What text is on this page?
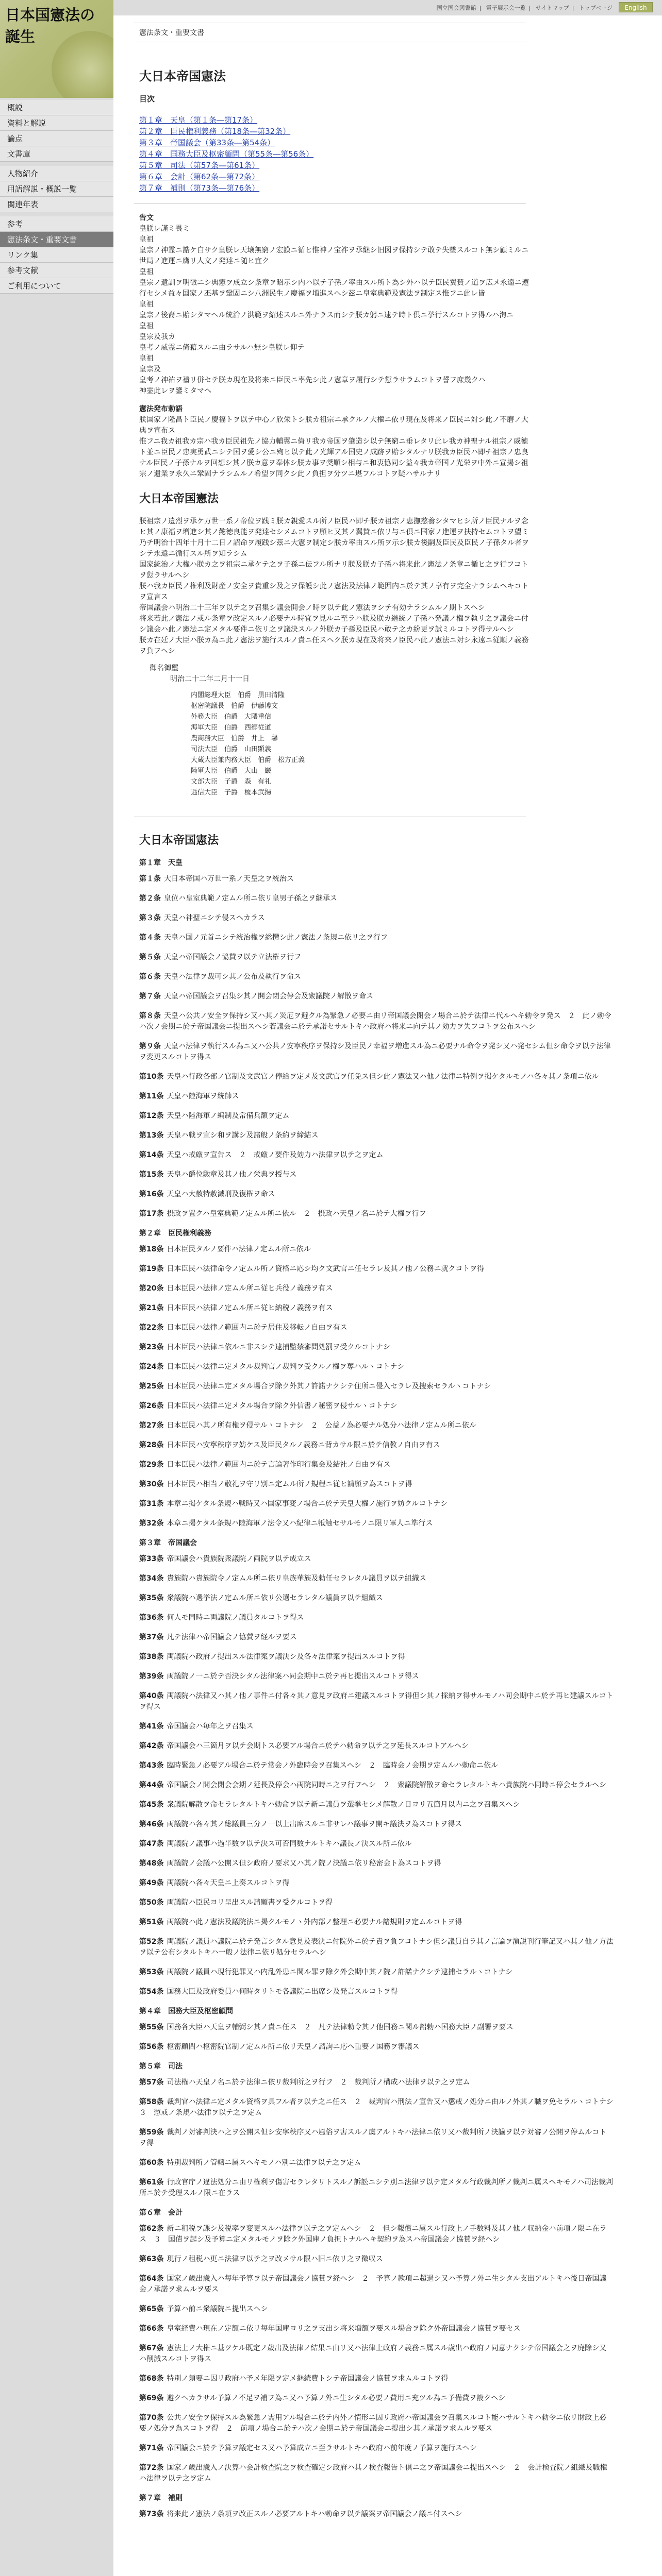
日本国憲法の
誕生
概説
資料と解説
論点
文書庫
人物紹介
用語解説・概説一覧
関連年表
参考
憲法条文・重要文書
リンク集
参考文献
ご利用について
国立国会図書館 | 電子展示会一覧 | サイトマップ | トップページ	English
憲法条文・重要文書
大日本帝国憲法
目次
第１章　天皇（第１条―第17条）
第２章　臣民権利義務（第18条―第32条）
第３章　帝国議会（第33条―第54条）
第４章　国務大臣及枢密顧問（第55条―第56条）
第５章　司法（第57条―第61条）
第６章　会計（第62条―第72条）
第７章　補則（第73条―第76条）

告文

皇朕レ謹ミ畏ミ

皇祖

皇宗ノ神霊ニ誥ケ白サク皇朕レ天壌無窮ノ宏謨ニ循ヒ惟神ノ宝祚ヲ承継シ旧図ヲ保持シテ敢テ失墜スルコト無シ顧ミルニ世局ノ進運ニ膺リ人文ノ発達ニ随ヒ宜ク

皇祖

皇宗ノ遺訓ヲ明徴ニシ典憲ヲ成立シ条章ヲ昭示シ内ハ以テ子孫ノ率由スル所ト為シ外ハ以テ臣民翼賛ノ道ヲ広メ永遠ニ遵行セシメ益々国家ノ丕基ヲ鞏固ニシ八洲民生ノ慶福ヲ増進スヘシ茲ニ皇室典範及憲法ヲ制定ス惟フニ此レ皆

皇祖

皇宗ノ後裔ニ貽シタマヘル統治ノ洪範ヲ紹述スルニ外ナラス而シテ朕カ躬ニ逮テ時ト倶ニ挙行スルコトヲ得ルハ洵ニ

皇祖

皇宗及我カ

皇考ノ威霊ニ倚藉スルニ由ラサルハ無シ皇朕レ仰テ

皇祖

皇宗及

皇考ノ神祐ヲ禱リ併セテ朕カ現在及将来ニ臣民ニ率先シ此ノ憲章ヲ履行シテ愆ラサラムコトヲ誓フ庶幾クハ

神霊此レヲ鑒ミタマヘ

憲法発布勅語

朕国家ノ隆昌ト臣民ノ慶福トヲ以テ中心ノ欣栄トシ朕カ祖宗ニ承クルノ大権ニ依リ現在及将来ノ臣民ニ対シ此ノ不磨ノ大典ヲ宣布ス

惟フニ我カ祖我カ宗ハ我カ臣民祖先ノ協力輔翼ニ倚リ我カ帝国ヲ肇造シ以テ無窮ニ垂レタリ此レ我カ神聖ナル祖宗ノ威徳ト並ニ臣民ノ忠実勇武ニシテ国ヲ愛シ公ニ殉ヒ以テ此ノ光輝アル国史ノ成跡ヲ貽シタルナリ朕我カ臣民ハ即チ祖宗ノ忠良ナル臣民ノ子孫ナルヲ回想シ其ノ朕カ意ヲ奉体シ朕カ事ヲ奨順シ相与ニ和衷協同シ益々我カ帝国ノ光栄ヲ中外ニ宣揚シ祖宗ノ遺業ヲ永久ニ鞏固ナラシムルノ希望ヲ同クシ此ノ負担ヲ分ツニ堪フルコトヲ疑ハサルナリ

大日本帝国憲法

朕祖宗ノ遺烈ヲ承ケ万世一系ノ帝位ヲ践ミ朕カ親愛スル所ノ臣民ハ即チ朕カ祖宗ノ恵撫慈養シタマヒシ所ノ臣民ナルヲ念ヒ其ノ康福ヲ増進シ其ノ懿徳良能ヲ発達セシメムコトヲ願ヒ又其ノ翼賛ニ依リ与ニ倶ニ国家ノ進運ヲ扶持セムコトヲ望ミ乃チ明治十四年十月十二日ノ詔命ヲ履践シ茲ニ大憲ヲ制定シ朕カ率由スル所ヲ示シ朕カ後嗣及臣民及臣民ノ子孫タル者ヲシテ永遠ニ循行スル所ヲ知ラシム

国家統治ノ大権ハ朕カ之ヲ祖宗ニ承ケテ之ヲ子孫ニ伝フル所ナリ朕及朕カ子孫ハ将来此ノ憲法ノ条章ニ循ヒ之ヲ行フコトヲ愆ラサルヘシ

朕ハ我カ臣民ノ権利及財産ノ安全ヲ貴重シ及之ヲ保護シ此ノ憲法及法律ノ範囲内ニ於テ其ノ享有ヲ完全ナラシムヘキコトヲ宣言ス

帝国議会ハ明治二十三年ヲ以テ之ヲ召集シ議会開会ノ時ヲ以テ此ノ憲法ヲシテ有効ナラシムルノ期トスヘシ

将来若此ノ憲法ノ或ル条章ヲ改定スルノ必要ナル時宜ヲ見ルニ至ラハ朕及朕カ継統ノ子孫ハ発議ノ権ヲ執リ之ヲ議会ニ付シ議会ハ此ノ憲法ニ定メタル要件ニ依リ之ヲ議決スルノ外朕カ子孫及臣民ハ敢テ之カ紛更ヲ試ミルコトヲ得サルヘシ

朕カ在廷ノ大臣ハ朕カ為ニ此ノ憲法ヲ施行スルノ責ニ任スヘク朕カ現在及将来ノ臣民ハ此ノ憲法ニ対シ永遠ニ従順ノ義務ヲ負フヘシ

御名御璽

明治二十二年二月十一日

内閣総理大臣　伯爵　黒田清隆
枢密院議長　伯爵　伊藤博文
外務大臣　伯爵　大隈重信
海軍大臣　伯爵　西郷従道
農商務大臣　伯爵　井上　馨
司法大臣　伯爵　山田顕義
大蔵大臣兼内務大臣　伯爵　松方正義
陸軍大臣　伯爵　大山　巌
文部大臣　子爵　森　有礼
逓信大臣　子爵　榎本武揚
大日本帝国憲法
第１章　天皇
第１条 大日本帝国ハ万世一系ノ天皇之ヲ統治ス
第２条 皇位ハ皇室典範ノ定ムル所ニ依リ皇男子孫之ヲ継承ス
第３条 天皇ハ神聖ニシテ侵スヘカラス
第４条 天皇ハ国ノ元首ニシテ統治権ヲ総攬シ此ノ憲法ノ条規ニ依リ之ヲ行フ
第５条 天皇ハ帝国議会ノ協賛ヲ以テ立法権ヲ行フ
第６条 天皇ハ法律ヲ裁可シ其ノ公布及執行ヲ命ス
第７条 天皇ハ帝国議会ヲ召集シ其ノ開会閉会停会及衆議院ノ解散ヲ命ス
第８条 天皇ハ公共ノ安全ヲ保持シ又ハ其ノ災厄ヲ避クル為緊急ノ必要ニ由リ帝国議会閉会ノ場合ニ於テ法律ニ代ルヘキ勅令ヲ発ス　２　此ノ勅令ハ次ノ会期ニ於テ帝国議会ニ提出スヘシ若議会ニ於テ承諾セサルトキハ政府ハ将来ニ向テ其ノ効力ヲ失フコトヲ公布スヘシ
第９条 天皇ハ法律ヲ執行スル為ニ又ハ公共ノ安寧秩序ヲ保持シ及臣民ノ幸福ヲ増進スル為ニ必要ナル命令ヲ発シ又ハ発セシム但シ命令ヲ以テ法律ヲ変更スルコトヲ得ス
第10条 天皇ハ行政各部ノ官制及文武官ノ俸給ヲ定メ及文武官ヲ任免ス但シ此ノ憲法又ハ他ノ法律ニ特例ヲ掲ケタルモノハ各々其ノ条項ニ依ル
第11条 天皇ハ陸海軍ヲ統帥ス
第12条 天皇ハ陸海軍ノ編制及常備兵額ヲ定ム
第13条 天皇ハ戦ヲ宣シ和ヲ講シ及諸般ノ条約ヲ締結ス
第14条 天皇ハ戒厳ヲ宣告ス　２　戒厳ノ要件及効力ハ法律ヲ以テ之ヲ定ム
第15条 天皇ハ爵位勲章及其ノ他ノ栄典ヲ授与ス
第16条 天皇ハ大赦特赦減刑及復権ヲ命ス
第17条 摂政ヲ置クハ皇室典範ノ定ムル所ニ依ル　２　摂政ハ天皇ノ名ニ於テ大権ヲ行フ
第２章　臣民権利義務
第18条 日本臣民タルノ要件ハ法律ノ定ムル所ニ依ル
第19条 日本臣民ハ法律命令ノ定ムル所ノ資格ニ応シ均ク文武官ニ任セラレ及其ノ他ノ公務ニ就クコトヲ得
第20条 日本臣民ハ法律ノ定ムル所ニ従ヒ兵役ノ義務ヲ有ス
第21条 日本臣民ハ法律ノ定ムル所ニ従ヒ納税ノ義務ヲ有ス
第22条 日本臣民ハ法律ノ範囲内ニ於テ居住及移転ノ自由ヲ有ス
第23条 日本臣民ハ法律ニ依ルニ非スシテ逮捕監禁審問処罰ヲ受クルコトナシ
第24条 日本臣民ハ法律ニ定メタル裁判官ノ裁判ヲ受クルノ権ヲ奪ハルヽコトナシ
第25条 日本臣民ハ法律ニ定メタル場合ヲ除ク外其ノ許諾ナクシテ住所ニ侵入セラレ及捜索セラルヽコトナシ
第26条 日本臣民ハ法律ニ定メタル場合ヲ除ク外信書ノ秘密ヲ侵サルヽコトナシ
第27条 日本臣民ハ其ノ所有権ヲ侵サルヽコトナシ　２　公益ノ為必要ナル処分ハ法律ノ定ムル所ニ依ル
第28条 日本臣民ハ安寧秩序ヲ妨ケス及臣民タルノ義務ニ背カサル限ニ於テ信教ノ自由ヲ有ス
第29条 日本臣民ハ法律ノ範囲内ニ於テ言論著作印行集会及結社ノ自由ヲ有ス
第30条 日本臣民ハ相当ノ敬礼ヲ守リ別ニ定ムル所ノ規程ニ従ヒ請願ヲ為スコトヲ得
第31条 本章ニ掲ケタル条規ハ戦時又ハ国家事変ノ場合ニ於テ天皇大権ノ施行ヲ妨クルコトナシ
第32条 本章ニ掲ケタル条規ハ陸海軍ノ法令又ハ紀律ニ牴触セサルモノニ限リ軍人ニ準行ス
第３章　帝国議会
第33条 帝国議会ハ貴族院衆議院ノ両院ヲ以テ成立ス
第34条 貴族院ハ貴族院令ノ定ムル所ニ依リ皇族華族及勅任セラレタル議員ヲ以テ組織ス
第35条 衆議院ハ選挙法ノ定ムル所ニ依リ公選セラレタル議員ヲ以テ組織ス
第36条 何人モ同時ニ両議院ノ議員タルコトヲ得ス
第37条 凡テ法律ハ帝国議会ノ協賛ヲ経ルヲ要ス
第38条 両議院ハ政府ノ提出スル法律案ヲ議決シ及各々法律案ヲ提出スルコトヲ得
第39条 両議院ノ一ニ於テ否決シタル法律案ハ同会期中ニ於テ再ヒ提出スルコトヲ得ス
第40条 両議院ハ法律又ハ其ノ他ノ事件ニ付各々其ノ意見ヲ政府ニ建議スルコトヲ得但シ其ノ採納ヲ得サルモノハ同会期中ニ於テ再ヒ建議スルコトヲ得ス
第41条 帝国議会ハ毎年之ヲ召集ス
第42条 帝国議会ハ三箇月ヲ以テ会期トス必要アル場合ニ於テハ勅命ヲ以テ之ヲ延長スルコトアルヘシ
第43条 臨時緊急ノ必要アル場合ニ於テ常会ノ外臨時会ヲ召集スヘシ　２　臨時会ノ会期ヲ定ムルハ勅命ニ依ル
第44条 帝国議会ノ開会閉会会期ノ延長及停会ハ両院同時ニ之ヲ行フヘシ　２　衆議院解散ヲ命セラレタルトキハ貴族院ハ同時ニ停会セラルヘシ
第45条 衆議院解散ヲ命セラレタルトキハ勅命ヲ以テ新ニ議員ヲ選挙セシメ解散ノ日ヨリ五箇月以内ニ之ヲ召集スヘシ
第46条 両議院ハ各々其ノ総議員三分ノ一以上出席スルニ非サレハ議事ヲ開キ議決ヲ為スコトヲ得ス
第47条 両議院ノ議事ハ過半数ヲ以テ決ス可否同数ナルトキハ議長ノ決スル所ニ依ル
第48条 両議院ノ会議ハ公開ス但シ政府ノ要求又ハ其ノ院ノ決議ニ依リ秘密会ト為スコトヲ得
第49条 両議院ハ各々天皇ニ上奏スルコトヲ得
第50条 両議院ハ臣民ヨリ呈出スル請願書ヲ受クルコトヲ得
第51条 両議院ハ此ノ憲法及議院法ニ掲クルモノヽ外内部ノ整理ニ必要ナル諸規則ヲ定ムルコトヲ得
第52条 両議院ノ議員ハ議院ニ於テ発言シタル意見及表決ニ付院外ニ於テ責ヲ負フコトナシ但シ議員自ラ其ノ言論ヲ演説刊行筆記又ハ其ノ他ノ方法ヲ以テ公布シタルトキハ一般ノ法律ニ依リ処分セラルヘシ
第53条 両議院ノ議員ハ現行犯罪又ハ内乱外患ニ関ル罪ヲ除ク外会期中其ノ院ノ許諾ナクシテ逮捕セラルヽコトナシ
第54条 国務大臣及政府委員ハ何時タリトモ各議院ニ出席シ及発言スルコトヲ得
第４章　国務大臣及枢密顧問
第55条 国務各大臣ハ天皇ヲ輔弼シ其ノ責ニ任ス　２　凡テ法律勅令其ノ他国務ニ関ル詔勅ハ国務大臣ノ副署ヲ要ス
第56条 枢密顧問ハ枢密院官制ノ定ムル所ニ依リ天皇ノ諮詢ニ応ヘ重要ノ国務ヲ審議ス
第５章　司法
第57条 司法権ハ天皇ノ名ニ於テ法律ニ依リ裁判所之ヲ行フ　２　裁判所ノ構成ハ法律ヲ以テ之ヲ定ム
第58条 裁判官ハ法律ニ定メタル資格ヲ具フル者ヲ以テ之ニ任ス　２　裁判官ハ刑法ノ宣告又ハ懲戒ノ処分ニ由ルノ外其ノ職ヲ免セラルヽコトナシ　３　懲戒ノ条規ハ法律ヲ以テ之ヲ定ム
第59条 裁判ノ対審判決ハ之ヲ公開ス但シ安寧秩序又ハ風俗ヲ害スルノ虞アルトキハ法律ニ依リ又ハ裁判所ノ決議ヲ以テ対審ノ公開ヲ停ムルコトヲ得
第60条 特別裁判所ノ管轄ニ属スヘキモノハ別ニ法律ヲ以テ之ヲ定ム
第61条 行政官庁ノ違法処分ニ由リ権利ヲ傷害セラレタリトスルノ訴訟ニシテ別ニ法律ヲ以テ定メタル行政裁判所ノ裁判ニ属スヘキモノハ司法裁判所ニ於テ受理スルノ限ニ在ラス
第６章　会計
第62条 新ニ租税ヲ課シ及税率ヲ変更スルハ法律ヲ以テ之ヲ定ムヘシ　２　但シ報償ニ属スル行政上ノ手数料及其ノ他ノ収納金ハ前項ノ限ニ在ラス　３　国債ヲ起シ及予算ニ定メタルモノヲ除ク外国庫ノ負担トナルヘキ契約ヲ為スハ帝国議会ノ協賛ヲ経ヘシ
第63条 現行ノ租税ハ更ニ法律ヲ以テ之ヲ改メサル限ハ旧ニ依リ之ヲ徴収ス
第64条 国家ノ歳出歳入ハ毎年予算ヲ以テ帝国議会ノ協賛ヲ経ヘシ　２　予算ノ款項ニ超過シ又ハ予算ノ外ニ生シタル支出アルトキハ後日帝国議会ノ承諾ヲ求ムルヲ要ス
第65条 予算ハ前ニ衆議院ニ提出スヘシ
第66条 皇室経費ハ現在ノ定額ニ依リ毎年国庫ヨリ之ヲ支出シ将来増額ヲ要スル場合ヲ除ク外帝国議会ノ協賛ヲ要セス
第67条 憲法上ノ大権ニ基ツケル既定ノ歳出及法律ノ結果ニ由リ又ハ法律上政府ノ義務ニ属スル歳出ハ政府ノ同意ナクシテ帝国議会之ヲ廃除シ又ハ削減スルコトヲ得ス
第68条 特別ノ須要ニ因リ政府ハ予メ年限ヲ定メ継続費トシテ帝国議会ノ協賛ヲ求ムルコトヲ得
第69条 避クヘカラサル予算ノ不足ヲ補フ為ニ又ハ予算ノ外ニ生シタル必要ノ費用ニ充ツル為ニ予備費ヲ設クヘシ
第70条 公共ノ安全ヲ保持スル為緊急ノ需用アル場合ニ於テ内外ノ情形ニ因リ政府ハ帝国議会ヲ召集スルコト能ハサルトキハ勅令ニ依リ財政上必要ノ処分ヲ為スコトヲ得　２　前項ノ場合ニ於テハ次ノ会期ニ於テ帝国議会ニ提出シ其ノ承諾ヲ求ムルヲ要ス
第71条 帝国議会ニ於テ予算ヲ議定セス又ハ予算成立ニ至ラサルトキハ政府ハ前年度ノ予算ヲ施行スヘシ
第72条 国家ノ歳出歳入ノ決算ハ会計検査院之ヲ検査確定シ政府ハ其ノ検査報告ト倶ニ之ヲ帝国議会ニ提出スヘシ　２　会計検査院ノ組織及職権ハ法律ヲ以テ之ヲ定ム
第７章　補則
第73条 将来此ノ憲法ノ条項ヲ改正スルノ必要アルトキハ勅命ヲ以テ議案ヲ帝国議会ノ議ニ付スヘシ
